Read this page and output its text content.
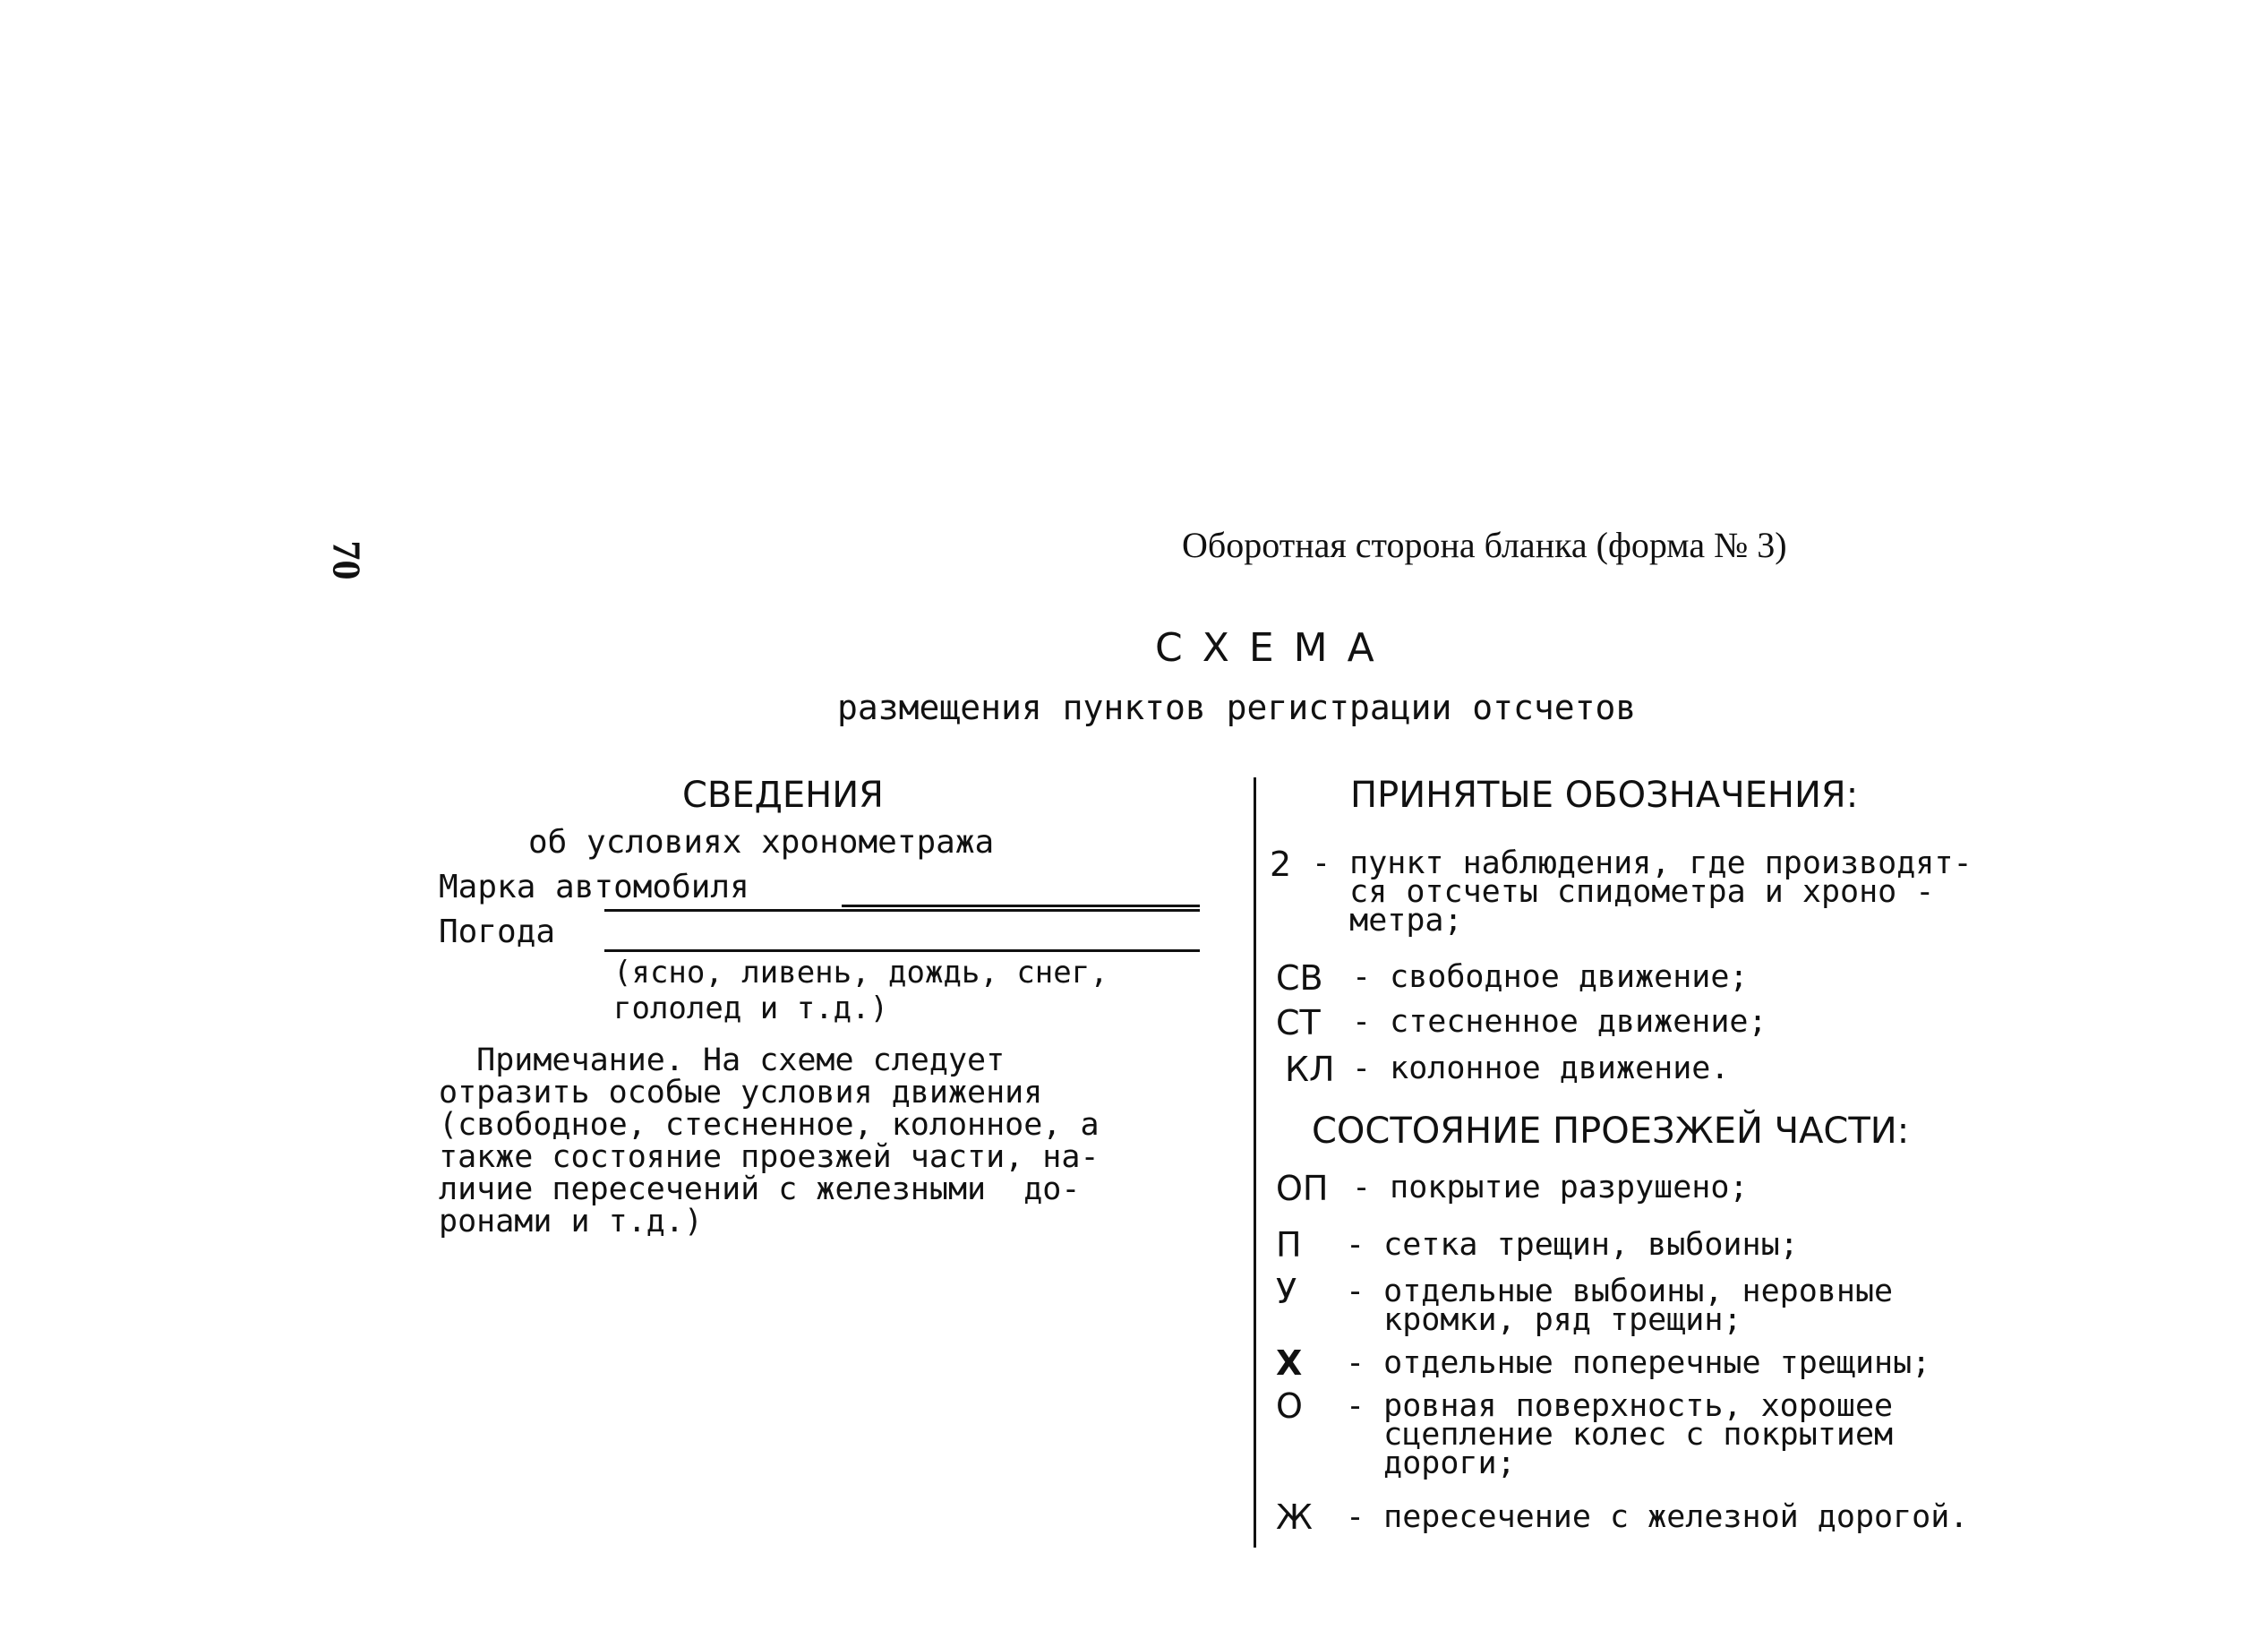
70	Оборотная сторона бланка (форма № 3)
СХЕМА
размещения пунктов регистрации отсчетов
СВЕДЕНИЯ
об условиях хронометража
Марка автомобиля
Погода
(ясно, ливень, дождь, снег,
гололед и т.д.)
Примечание. На схеме следует
отразить особые условия движения
(свободное, стесненное, колонное, а
также состояние проезжей части, на-
личие пересечений с железными  до-
ронами и т.д.)
ПРИНЯТЫЕ ОБОЗНАЧЕНИЯ:
2 - пункт наблюдения, где производят-
ся отсчеты спидометра и хроно -
метра;
СВ - свободное движение;
СТ - стесненное движение;
КЛ - колонное движение.
СОСТОЯНИЕ ПРОЕЗЖЕЙ ЧАСТИ:
ОП - покрытие разрушено;
П - сетка трещин, выбоины;
У - отдельные выбоины, неровные
кромки, ряд трещин;
Х - отдельные поперечные трещины;
О - ровная поверхность, хорошее
сцепление колес с покрытием
дороги;
Ж - пересечение с железной дорогой.
